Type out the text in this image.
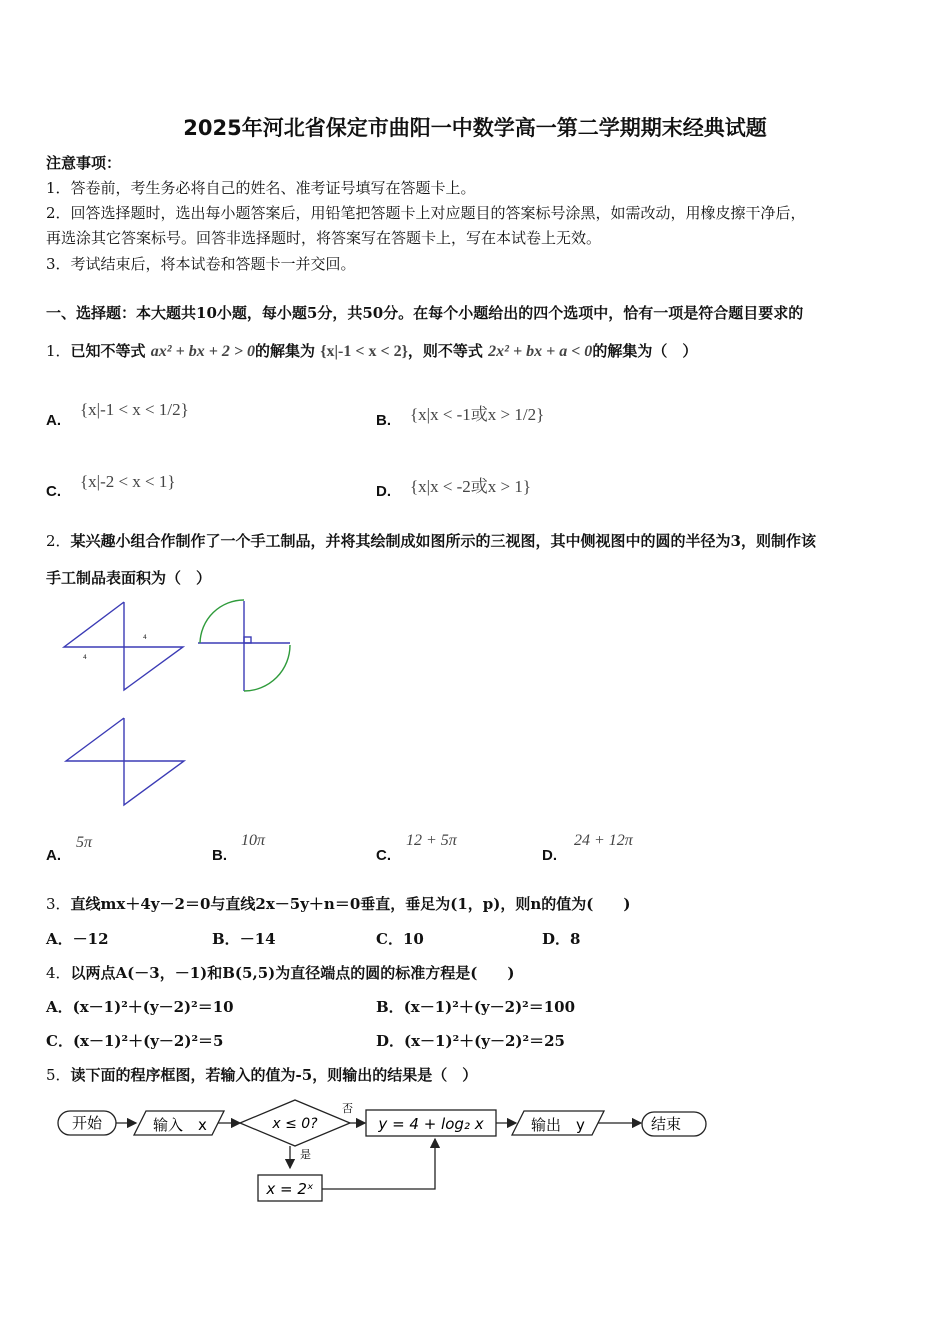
2025年河北省保定市曲阳一中数学高一第二学期期末经典试题
注意事项：
1．答卷前，考生务必将自己的姓名、准考证号填写在答题卡上。
2．回答选择题时，选出每小题答案后，用铅笔把答题卡上对应题目的答案标号涂黑，如需改动，用橡皮擦干净后，
再选涂其它答案标号。回答非选择题时，将答案写在答题卡上，写在本试卷上无效。
3．考试结束后，将本试卷和答题卡一并交回。
一、选择题：本大题共10小题，每小题5分，共50分。在每个小题给出的四个选项中，恰有一项是符合题目要求的
1．已知不等式 ax² + bx + 2 > 0的解集为 {x|-1 < x < 2}，则不等式 2x² + bx + a < 0的解集为（　）
A.
{x|-1 < x < 1/2}
B. {x|x < -1或x > 1/2}
C.
{x|-2 < x < 1}
D. {x|x < -2或x > 1}
2．某兴趣小组合作制作了一个手工制品，并将其绘制成如图所示的三视图，其中侧视图中的圆的半径为3，则制作该
手工制品表面积为（　）
4
4
A.
5π
B.
10π
C.
12 + 5π
D.
24 + 12π
3．直线mx＋4y－2＝0与直线2x－5y＋n＝0垂直，垂足为(1，p)，则n的值为(　　)
A．－12	B．－14	C．10	D．8
4．以两点A(－3，－1)和B(5,5)为直径端点的圆的标准方程是(　　)
A．(x－1)²＋(y－2)²＝10	B．(x－1)²＋(y－2)²＝100
C．(x－1)²＋(y－2)²＝5	D．(x－1)²＋(y－2)²＝25
5．读下面的程序框图，若输入的值为-5，则输出的结果是（　）
开始	输入　x	x ≤ 0?
否
是
y = 4 + log₂ x	输出　y	结束
x = 2ˣ
